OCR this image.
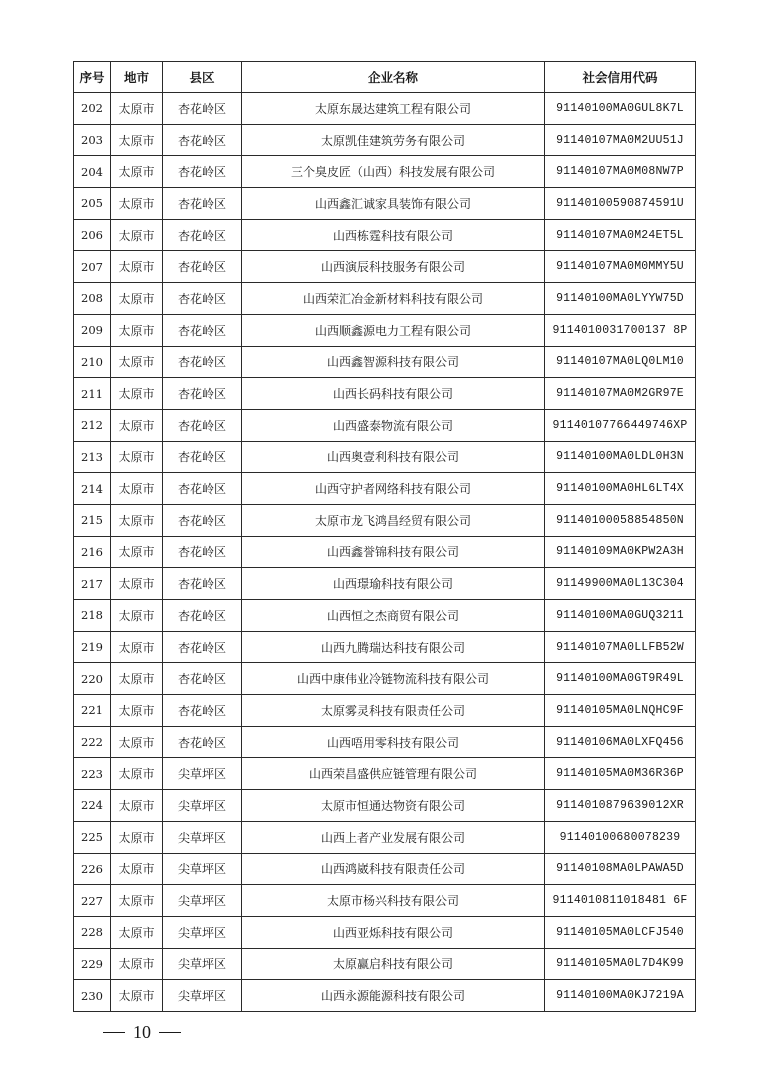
序号	地市	县区	企业名称	社会信用代码
202	太原市	杏花岭区	太原东晟达建筑工程有限公司	91140100MA0GUL8K7L
203	太原市	杏花岭区	太原凯佳建筑劳务有限公司	91140107MA0M2UU51J
204	太原市	杏花岭区	三个臭皮匠（山西）科技发展有限公司	91140107MA0M08NW7P
205	太原市	杏花岭区	山西鑫汇诚家具装饰有限公司	91140100590874591U
206	太原市	杏花岭区	山西栋霆科技有限公司	91140107MA0M24ET5L
207	太原市	杏花岭区	山西演辰科技服务有限公司	91140107MA0M0MMY5U
208	太原市	杏花岭区	山西荣汇冶金新材料科技有限公司	91140100MA0LYYW75D
209	太原市	杏花岭区	山西顺鑫源电力工程有限公司	9114010031700137 8P
210	太原市	杏花岭区	山西鑫智源科技有限公司	91140107MA0LQ0LM10
211	太原市	杏花岭区	山西长码科技有限公司	91140107MA0M2GR97E
212	太原市	杏花岭区	山西盛泰物流有限公司	91140107766449746XP
213	太原市	杏花岭区	山西奥壹利科技有限公司	91140100MA0LDL0H3N
214	太原市	杏花岭区	山西守护者网络科技有限公司	91140100MA0HL6LT4X
215	太原市	杏花岭区	太原市龙飞鸿昌经贸有限公司	91140100058854850N
216	太原市	杏花岭区	山西鑫誉锦科技有限公司	91140109MA0KPW2A3H
217	太原市	杏花岭区	山西璟瑜科技有限公司	91149900MA0L13C304
218	太原市	杏花岭区	山西恒之杰商贸有限公司	91140100MA0GUQ3211
219	太原市	杏花岭区	山西九腾瑞达科技有限公司	91140107MA0LLFB52W
220	太原市	杏花岭区	山西中康伟业冷链物流科技有限公司	91140100MA0GT9R49L
221	太原市	杏花岭区	太原雾灵科技有限责任公司	91140105MA0LNQHC9F
222	太原市	杏花岭区	山西唔用零科技有限公司	91140106MA0LXFQ456
223	太原市	尖草坪区	山西荣昌盛供应链管理有限公司	91140105MA0M36R36P
224	太原市	尖草坪区	太原市恒通达物资有限公司	9114010879639012XR
225	太原市	尖草坪区	山西上者产业发展有限公司	91140100680078239
226	太原市	尖草坪区	山西鸿崴科技有限责任公司	91140108MA0LPAWA5D
227	太原市	尖草坪区	太原市杨兴科技有限公司	9114010811018481 6F
228	太原市	尖草坪区	山西亚烁科技有限公司	91140105MA0LCFJ540
229	太原市	尖草坪区	太原赢启科技有限公司	91140105MA0L7D4K99
230	太原市	尖草坪区	山西永源能源科技有限公司	91140100MA0KJ7219A
10
